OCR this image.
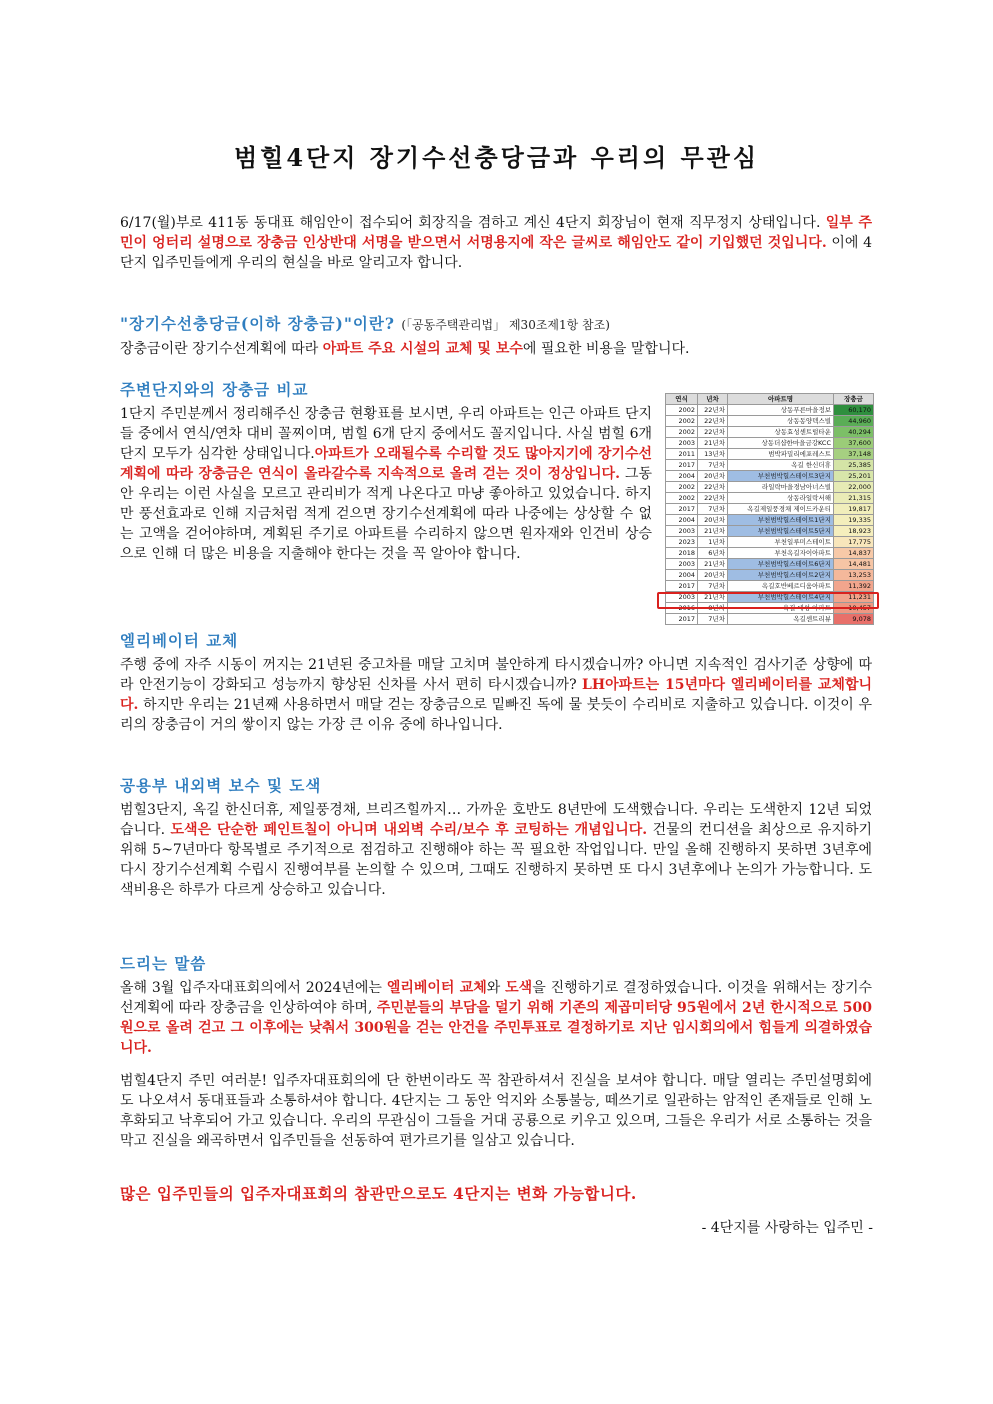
범힐4단지 장기수선충당금과 우리의 무관심

6/17(월)부로 411동 동대표 해임안이 접수되어 회장직을 겸하고 계신 4단지 회장님이 현재 직무정지 상태입니다. 일부 주민이 엉터리 설명으로 장충금 인상반대 서명을 받으면서 서명용지에 작은 글씨로 해임안도 같이 기입했던 것입니다. 이에 4단지 입주민들에게 우리의 현실을 바로 알리고자 합니다.

"장기수선충당금(이하 장충금)"이란? (「공동주택관리법」 제30조제1항 참조)

장충금이란 장기수선계획에 따라 아파트 주요 시설의 교체 및 보수에 필요한 비용을 말합니다.

주변단지와의 장충금 비교

1단지 주민분께서 정리해주신 장충금 현황표를 보시면, 우리 아파트는 인근 아파트 단지들 중에서 연식/연차 대비 꼴찌이며, 범힐 6개 단지 중에서도 꼴지입니다. 사실 범힐 6개 단지 모두가 심각한 상태입니다.아파트가 오래될수록 수리할 것도 많아지기에 장기수선계획에 따라 장충금은 연식이 올라갈수록 지속적으로 올려 걷는 것이 정상입니다. 그동안 우리는 이런 사실을 모르고 관리비가 적게 나온다고 마냥 좋아하고 있었습니다. 하지만 풍선효과로 인해 지금처럼 적게 걷으면 장기수선계획에 따라 나중에는 상상할 수 없는 고액을 걷어야하며, 계획된 주기로 아파트를 수리하지 않으면 원자재와 인건비 상승으로 인해 더 많은 비용을 지출해야 한다는 것을 꼭 알아야 합니다.

연식	년차	아파트명	장충금
2002	22년차	상동푸른마을정보	60,170
2002	22년차	상동동양덱스빌	44,960
2002	22년차	상동효성센트럴타운	40,294
2003	21년차	상동더샵한마을금강KCC	37,600
2011	13년차	범박파밀리에포레스트	37,148
2017	7년차	옥길 한신더휴	25,385
2004	20년차	부천범박힐스테이트3단지	25,201
2002	22년차	라일락마을경남아너스빌	22,000
2002	22년차	상동라일락서해	21,315
2017	7년차	옥길제일풍경채 제이드카운티	19,817
2004	20년차	부천범박힐스테이트1단지	19,335
2003	21년차	부천범박힐스테이트5단지	18,923
2023	1년차	부천일루미스테이트	17,775
2018	6년차	부천옥길자이아파트	14,837
2003	21년차	부천범박힐스테이트6단지	14,481
2004	20년차	부천범박힐스테이트2단지	13,253
2017	7년차	옥길호반베르디움아파트	11,392
2003	21년차	부천범박힐스테이트4단지	11,231
2016	8년차	옥길 대성 아파트	10,457
2017	7년차	옥길센트리뷰	9,078

엘리베이터 교체

주행 중에 자주 시동이 꺼지는 21년된 중고차를 매달 고치며 불안하게 타시겠습니까? 아니면 지속적인 검사기준 상향에 따라 안전기능이 강화되고 성능까지 향상된 신차를 사서 편히 타시겠습니까? LH아파트는 15년마다 엘리베이터를 교체합니다. 하지만 우리는 21년째 사용하면서 매달 걷는 장충금으로 밑빠진 독에 물 붓듯이 수리비로 지출하고 있습니다. 이것이 우리의 장충금이 거의 쌓이지 않는 가장 큰 이유 중에 하나입니다.

공용부 내외벽 보수 및 도색

범힐3단지, 옥길 한신더휴, 제일풍경채, 브리즈힐까지… 가까운 호반도 8년만에 도색했습니다. 우리는 도색한지 12년 되었습니다. 도색은 단순한 페인트칠이 아니며 내외벽 수리/보수 후 코팅하는 개념입니다. 건물의 컨디션을 최상으로 유지하기 위해 5~7년마다 항목별로 주기적으로 점검하고 진행해야 하는 꼭 필요한 작업입니다. 만일 올해 진행하지 못하면 3년후에 다시 장기수선계획 수립시 진행여부를 논의할 수 있으며, 그때도 진행하지 못하면 또 다시 3년후에나 논의가 가능합니다. 도색비용은 하루가 다르게 상승하고 있습니다.

드리는 말씀

올해 3월 입주자대표회의에서 2024년에는 엘리베이터 교체와 도색을 진행하기로 결정하였습니다. 이것을 위해서는 장기수선계획에 따라 장충금을 인상하여야 하며, 주민분들의 부담을 덜기 위해 기존의 제곱미터당 95원에서 2년 한시적으로 500원으로 올려 걷고 그 이후에는 낮춰서 300원을 걷는 안건을 주민투표로 결정하기로 지난 임시회의에서 힘들게 의결하였습니다.

범힐4단지 주민 여러분! 입주자대표회의에 단 한번이라도 꼭 참관하셔서 진실을 보셔야 합니다. 매달 열리는 주민설명회에도 나오셔서 동대표들과 소통하셔야 합니다. 4단지는 그 동안 억지와 소통불능, 떼쓰기로 일관하는 암적인 존재들로 인해 노후화되고 낙후되어 가고 있습니다. 우리의 무관심이 그들을 거대 공룡으로 키우고 있으며, 그들은 우리가 서로 소통하는 것을 막고 진실을 왜곡하면서 입주민들을 선동하여 편가르기를 일삼고 있습니다.

많은 입주민들의 입주자대표회의 참관만으로도 4단지는 변화 가능합니다.

- 4단지를 사랑하는 입주민 -
